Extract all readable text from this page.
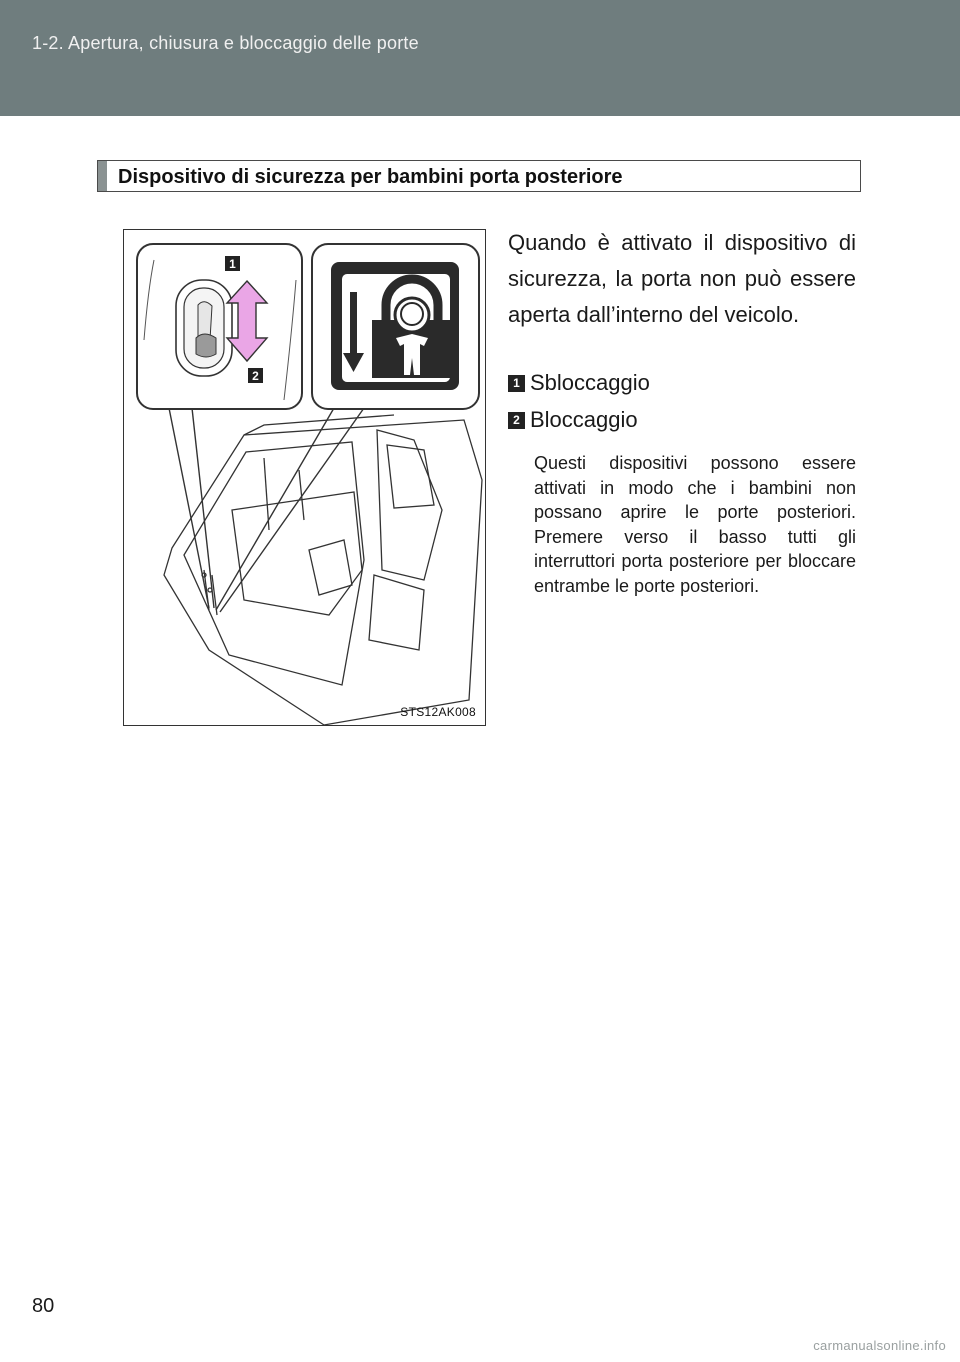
1-2. Apertura, chiusura e bloccaggio delle porte
Dispositivo di sicurezza per bambini porta posteriore
1
2
STS12AK008
Quando è attivato il dispositivo di sicurezza, la porta non può essere aperta dall’interno del veicolo.
1 Sbloccaggio
2 Bloccaggio
Questi dispositivi possono essere attivati in modo che i bambini non possano aprire le porte posteriori. Premere verso il basso tutti gli interruttori porta posteriore per bloccare entrambe le porte posteriori.
80
carmanualsonline.info
